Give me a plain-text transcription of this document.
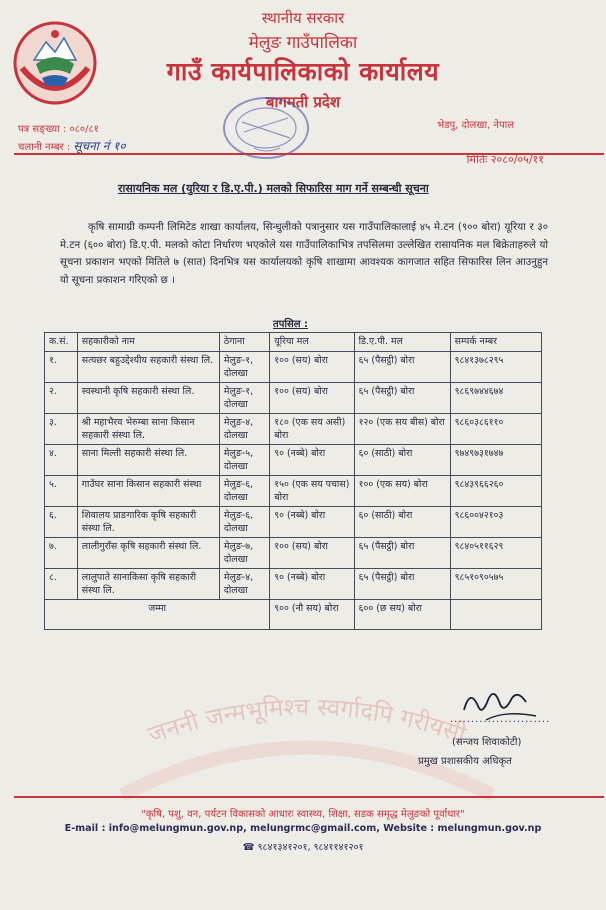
स्थानीय सरकार
मेलुङ गाउँपालिका
गाउँ कार्यपालिकाको कार्यालय
बागमती प्रदेश
पत्र सङ्ख्या : ०८०/८१
चलानी नम्बर : सूचना नं १०
भेडपु, दोलखा, नेपाल
मितिः २०८०/०५/११
रासायनिक मल (युरिया र डि.ए.पी.) मलको सिफारिस माग गर्ने सम्बन्धी सूचना
कृषि सामाग्री कम्पनी लिमिटेड शाखा कार्यालय, सिन्धुलीको पत्रानुसार यस गाउँपालिकालाई ४५ मे.टन (९०० बोरा) यूरिया र ३० मे.टन (६०० बोरा) डि.ए.पी. मलको कोटा निर्धारण भएकोले यस गाउँपालिकाभित्र तपसिलमा उल्लेखित रासायनिक मल बिक्रेताहरुले यो सूचना प्रकाशन भएको मितिले ७ (सात) दिनभित्र यस कार्यालयको कृषि शाखामा आवश्यक कागजात सहित सिफारिस लिन आउनुहुन यो सूचना प्रकाशन गरिएको छ ।
तपसिल :
क.सं.	सहकारीको नाम	ठेगाना	यूरिया मल	डि.ए.पी. मल	सम्पर्क नम्बर
१.	सत्यछर बहुउद्देश्यीय सहकारी संस्था लि.	मेलुङ-१, दोलखा	१०० (सय) बोरा	६५ (पैसट्ठी) बोरा	९८४१३७८२९५
२.	स्वस्थानी कृषि सहकारी संस्था लि.	मेलुङ-१, दोलखा	१०० (सय) बोरा	६५ (पैसट्ठी) बोरा	९८६९७४४६७४
३.	श्री महाभैरव भेरुम्बा साना किसान सहकारी संस्था लि.	मेलुङ-४, दोलखा	१८० (एक सय असी) बोरा	१२० (एक सय बीस) बोरा	९८६०३८६११०
४.	साना मिल्ती सहकारी संस्था लि.	मेलुङ-५, दोलखा	९० (नब्बे) बोरा	६० (साठी) बोरा	९७४९७३१७४७
५.	गाउँघर साना किसान सहकारी संस्था	मेलुङ-६, दोलखा	१५० (एक सय पचास) बोरा	१०० (एक सय) बोरा	९८४३९६६२६०
६.	शिवालय प्राङगारिक कृषि सहकारी संस्था लि.	मेलुङ-६, दोलखा	९० (नब्बे) बोरा	६० (साठी) बोरा	९८६००४२१०३
७.	लालीगुराँस कृषि सहकारी संस्था लि.	मेलुङ-७, दोलखा	१०० (सय) बोरा	६५ (पैसट्ठी) बोरा	९८४०५११६२९
८.	लालुपाते सानाकिसा कृषि सहकारी संस्था लि.	मेलुङ-४, दोलखा	९० (नब्बे) बोरा	६५ (पैसट्ठी) बोरा	९८५१०९०५७५
जम्मा			९०० (नौ सय) बोरा	६०० (छ सय) बोरा	
जननी जन्मभूमिश्च स्वर्गादपि गरीयसी
........................
(सन्जय शिवाकोटी)
प्रमुख प्रशासकीय अधिकृत
"कृषि, पशु, वन, पर्यटन विकासको आधारः स्वास्थ्य, शिक्षा, सडक समृद्ध मेलुङको पूर्वाधार"
E-mail : info@melungmun.gov.np, melungrmc@gmail.com, Website : melungmun.gov.np
☎ ९८४१३४१२०१, ९८४११४१२०१
